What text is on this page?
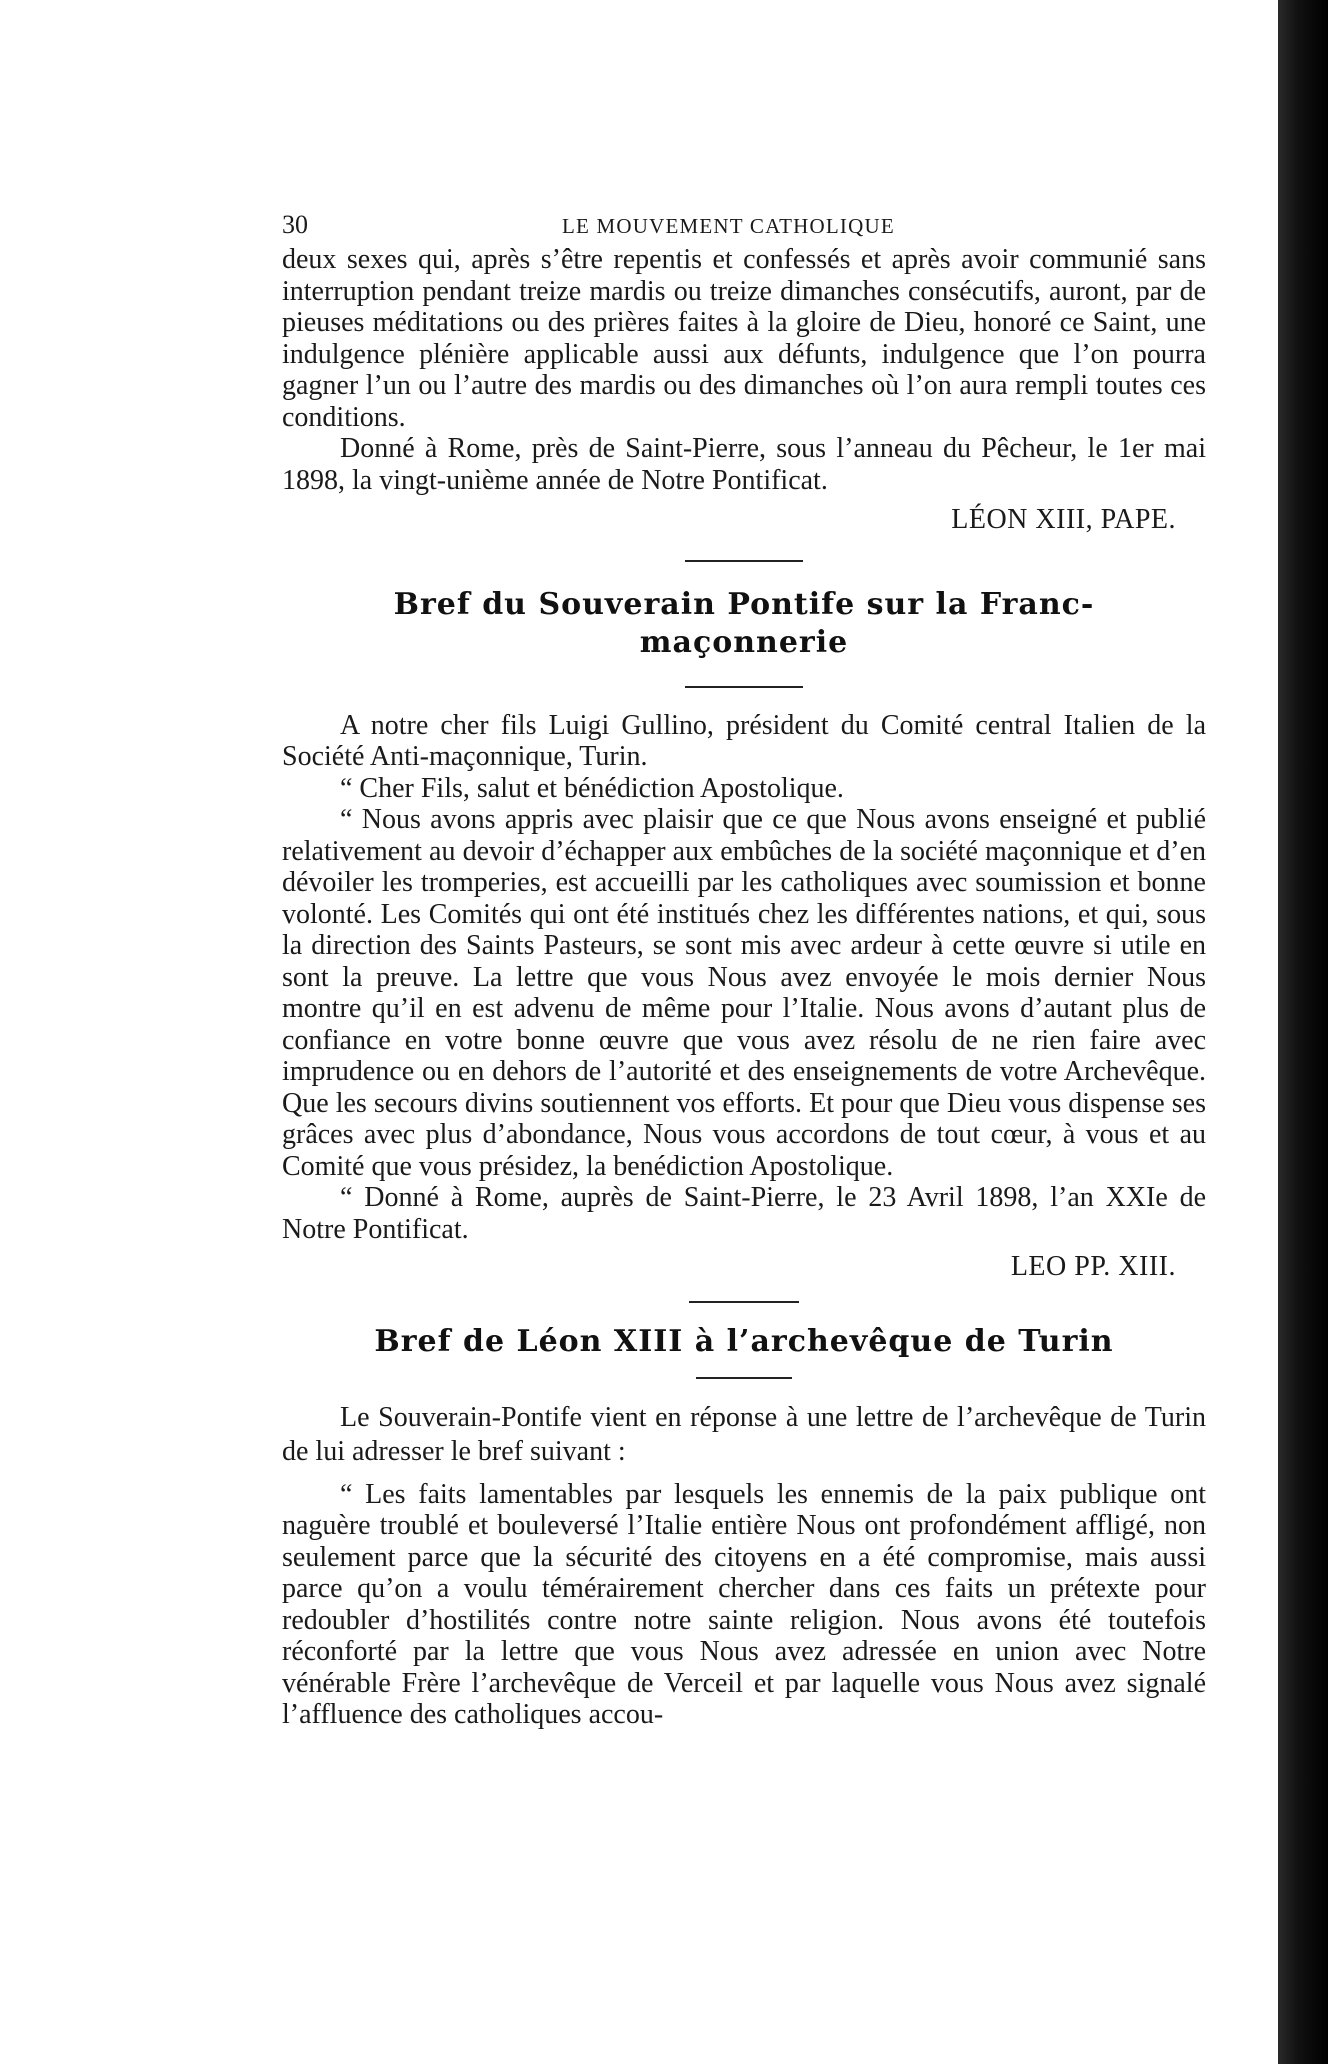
30	LE MOUVEMENT CATHOLIQUE

deux sexes qui, après s’être repentis et confessés et après avoir communié sans interruption pendant treize mardis ou treize dimanches consécutifs, auront, par de pieuses méditations ou des prières faites à la gloire de Dieu, honoré ce Saint, une indulgence plénière applicable aussi aux défunts, indulgence que l’on pourra gagner l’un ou l’autre des mardis ou des dimanches où l’on aura rempli toutes ces conditions.

Donné à Rome, près de Saint-Pierre, sous l’anneau du Pêcheur, le 1er mai 1898, la vingt-unième année de Notre Pontificat.

LÉON XIII, PAPE.
Bref du Souverain Pontife sur la Franc-
maçonnerie

A notre cher fils Luigi Gullino, président du Comité central Italien de la Société Anti-maçonnique, Turin.

“ Cher Fils, salut et bénédiction Apostolique.

“ Nous avons appris avec plaisir que ce que Nous avons enseigné et publié relativement au devoir d’échapper aux embûches de la société maçonnique et d’en dévoiler les tromperies, est accueilli par les catholiques avec soumission et bonne volonté. Les Comités qui ont été institués chez les différentes nations, et qui, sous la direction des Saints Pasteurs, se sont mis avec ardeur à cette œuvre si utile en sont la preuve. La lettre que vous Nous avez envoyée le mois dernier Nous montre qu’il en est advenu de même pour l’Italie. Nous avons d’autant plus de confiance en votre bonne œuvre que vous avez résolu de ne rien faire avec imprudence ou en dehors de l’autorité et des enseignements de votre Archevêque. Que les secours divins soutiennent vos efforts. Et pour que Dieu vous dispense ses grâces avec plus d’abondance, Nous vous accordons de tout cœur, à vous et au Comité que vous présidez, la benédiction Apostolique.

“ Donné à Rome, auprès de Saint-Pierre, le 23 Avril 1898, l’an XXIe de Notre Pontificat.

LEO PP. XIII.
Bref de Léon XIII à l’archevêque de Turin

Le Souverain-Pontife vient en réponse à une lettre de l’archevêque de Turin de lui adresser le bref suivant :

“ Les faits lamentables par lesquels les ennemis de la paix publique ont naguère troublé et bouleversé l’Italie entière Nous ont profondément affligé, non seulement parce que la sécurité des citoyens en a été compromise, mais aussi parce qu’on a voulu témérairement chercher dans ces faits un prétexte pour redoubler d’hostilités contre notre sainte religion. Nous avons été toutefois réconforté par la lettre que vous Nous avez adressée en union avec Notre vénérable Frère l’archevêque de Verceil et par laquelle vous Nous avez signalé l’affluence des catholiques accou-
